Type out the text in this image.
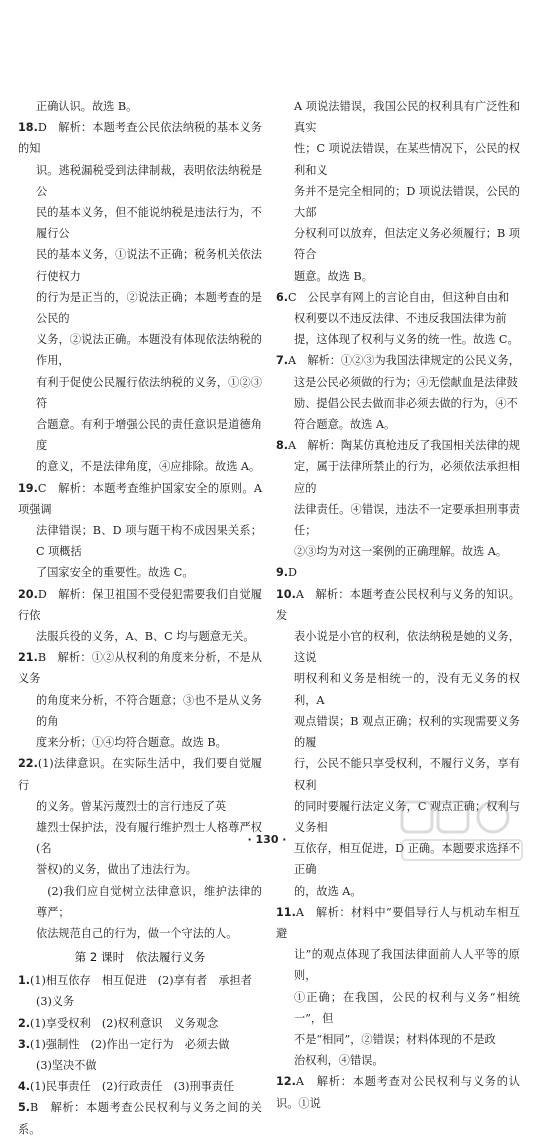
正确认识。故选 B。

18.D　解析：本题考查公民依法纳税的基本义务的知

识。逃税漏税受到法律制裁，表明依法纳税是公

民的基本义务，但不能说纳税是违法行为，不履行公

民的基本义务，①说法不正确；税务机关依法行使权力

的行为是正当的，②说法正确；本题考查的是公民的

义务，②说法正确。本题没有体现依法纳税的作用，

有利于促使公民履行依法纳税的义务，①②③符

合题意。有利于增强公民的责任意识是道德角度

的意义，不是法律角度，④应排除。故选 A。

19.C　解析：本题考查维护国家安全的原则。A 项强调

法律错误；B、D 项与题干构不成因果关系；C 项概括

了国家安全的重要性。故选 C。

20.D　解析：保卫祖国不受侵犯需要我们自觉履行依

法服兵役的义务，A、B、C 均与题意无关。

21.B　解析：①②从权利的角度来分析，不是从义务

的角度来分析，不符合题意；③也不是从义务的角

度来分析；①④均符合题意。故选 B。

22.(1)法律意识。在实际生活中，我们要自觉履行

的义务。曾某污蔑烈士的言行违反了英

雄烈士保护法，没有履行维护烈士人格尊严权(名

誉权)的义务，做出了违法行为。

(2)我们应自觉树立法律意识，维护法律的尊严；

依法规范自己的行为，做一个守法的人。

第 2 课时　依法履行义务

1.(1)相互依存　相互促进　(2)享有者　承担者

(3)义务

2.(1)享受权利　(2)权利意识　义务观念

3.(1)强制性　(2)作出一定行为　必须去做

(3)坚决不做

4.(1)民事责任　(2)行政责任　(3)刑事责任

5.B　解析：本题考查公民权利与义务之间的关系。

A 项说法错误，我国公民的权利具有广泛性和真实

性；C 项说法错误，在某些情况下，公民的权利和义

务并不是完全相同的；D 项说法错误，公民的大部

分权利可以放弃，但法定义务必须履行；B 项符合

题意。故选 B。

6.C　公民享有网上的言论自由，但这种自由和

权利要以不违反法律、不违反我国法律为前

提，这体现了权利与义务的统一性。故选 C。

7.A　解析：①②③为我国法律规定的公民义务，

这是公民必须做的行为；④无偿献血是法律鼓

励、提倡公民去做而非必须去做的行为，④不

符合题意。故选 A。

8.A　解析：陶某仿真枪违反了我国相关法律的规

定，属于法律所禁止的行为，必须依法承担相应的

法律责任。④错误，违法不一定要承担刑事责任；

②③均为对这一案例的正确理解。故选 A。

9.D

10.A　解析：本题考查公民权利与义务的知识。发

表小说是小官的权利，依法纳税是她的义务，这说

明权利和义务是相统一的，没有无义务的权利，A

观点错误；B 观点正确；权利的实现需要义务的履

行，公民不能只享受权利，不履行义务，享有权利

的同时要履行法定义务，C 观点正确；权利与义务相

互依存，相互促进，D 正确。本题要求选择不正确

的，故选 A。

11.A　解析：材料中“要倡导行人与机动车相互避

让”的观点体现了我国法律面前人人平等的原则，

①正确；在我国，公民的权利与义务“相统一”，但

不是“相同”，②错误；材料体现的不是政

治权利，④错误。

12.A　解析：本题考查对公民权利与义务的认识。①说

· 130 ·
